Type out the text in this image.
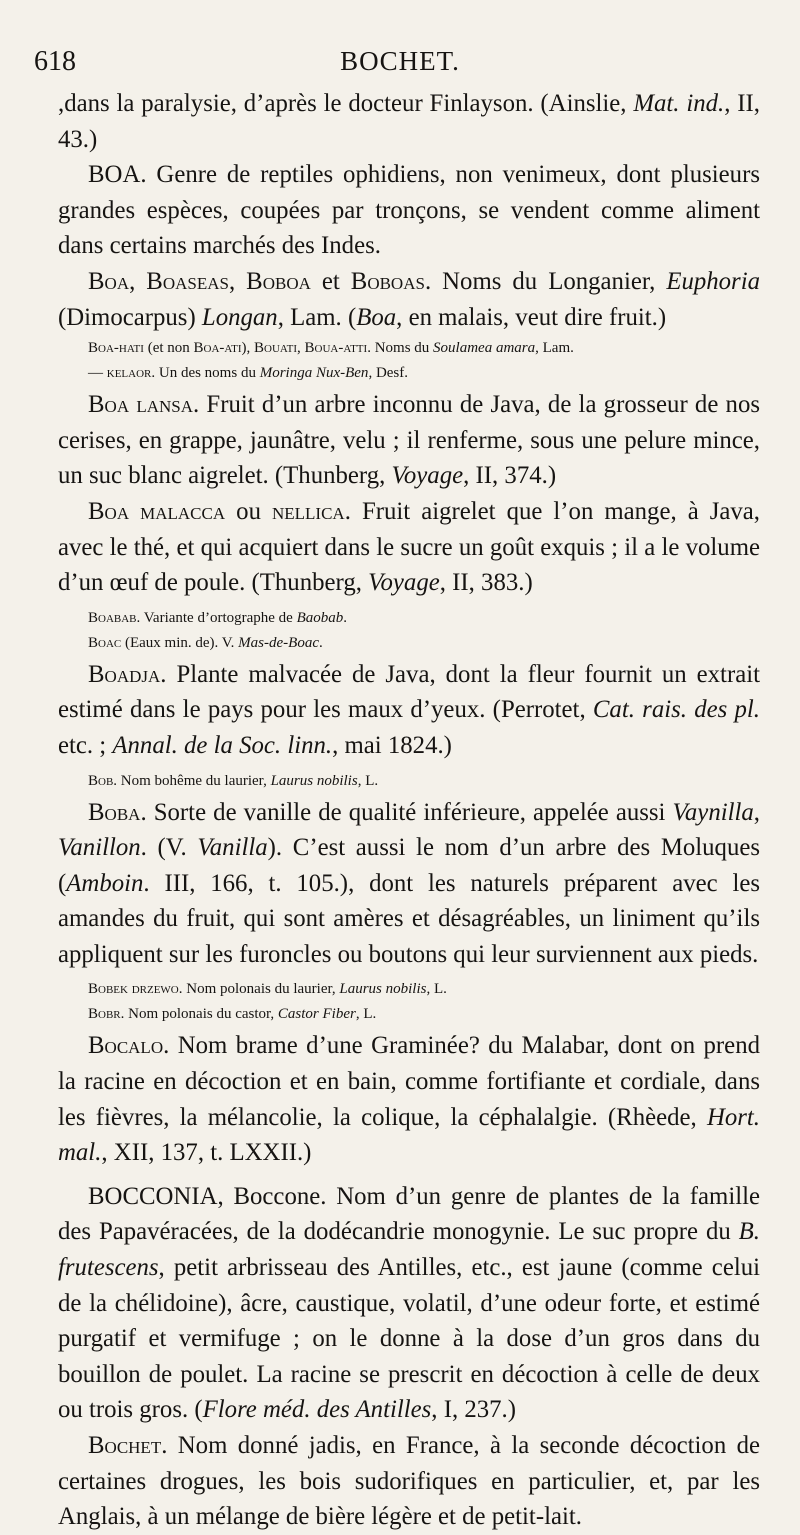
618	BOCHET.

,dans la paralysie, d’après le docteur Finlayson. (Ainslie, Mat. ind., II, 43.)

BOA. Genre de reptiles ophidiens, non venimeux, dont plusieurs grandes espèces, coupées par tronçons, se vendent comme aliment dans certains marchés des Indes.

Boa, Boaseas, Boboa et Boboas. Noms du Longanier, Euphoria (Dimocarpus) Longan, Lam. (Boa, en malais, veut dire fruit.)

Boa-hati (et non Boa-ati), Bouati, Boua-atti. Noms du Soulamea amara, Lam.

— kelaor. Un des noms du Moringa Nux-Ben, Desf.

Boa lansa. Fruit d’un arbre inconnu de Java, de la grosseur de nos cerises, en grappe, jaunâtre, velu ; il renferme, sous une pelure mince, un suc blanc aigrelet. (Thunberg, Voyage, II, 374.)

Boa malacca ou nellica. Fruit aigrelet que l’on mange, à Java, avec le thé, et qui acquiert dans le sucre un goût exquis ; il a le volume d’un œuf de poule. (Thunberg, Voyage, II, 383.)

Boabab. Variante d’ortographe de Baobab.

Boac (Eaux min. de). V. Mas-de-Boac.

Boadja. Plante malvacée de Java, dont la fleur fournit un extrait estimé dans le pays pour les maux d’yeux. (Perrotet, Cat. rais. des pl. etc. ; Annal. de la Soc. linn., mai 1824.)

Bob. Nom bohême du laurier, Laurus nobilis, L.

Boba. Sorte de vanille de qualité inférieure, appelée aussi Vaynilla, Vanillon. (V. Vanilla). C’est aussi le nom d’un arbre des Moluques (Amboin. III, 166, t. 105.), dont les naturels préparent avec les amandes du fruit, qui sont amères et désagréables, un liniment qu’ils appliquent sur les furoncles ou boutons qui leur surviennent aux pieds.

Bobek drzewo. Nom polonais du laurier, Laurus nobilis, L.

Bobr. Nom polonais du castor, Castor Fiber, L.

Bocalo. Nom brame d’une Graminée? du Malabar, dont on prend la racine en décoction et en bain, comme fortifiante et cordiale, dans les fièvres, la mélancolie, la colique, la céphalalgie. (Rhèede, Hort. mal., XII, 137, t. LXXII.)

BOCCONIA, Boccone. Nom d’un genre de plantes de la famille des Papavéracées, de la dodécandrie monogynie. Le suc propre du B. frutescens, petit arbrisseau des Antilles, etc., est jaune (comme celui de la chélidoine), âcre, caustique, volatil, d’une odeur forte, et estimé purgatif et vermifuge ; on le donne à la dose d’un gros dans du bouillon de poulet. La racine se prescrit en décoction à celle de deux ou trois gros. (Flore méd. des Antilles, I, 237.)

Bochet. Nom donné jadis, en France, à la seconde décoction de certaines drogues, les bois sudorifiques en particulier, et, par les Anglais, à un mélange de bière légère et de petit-lait.
